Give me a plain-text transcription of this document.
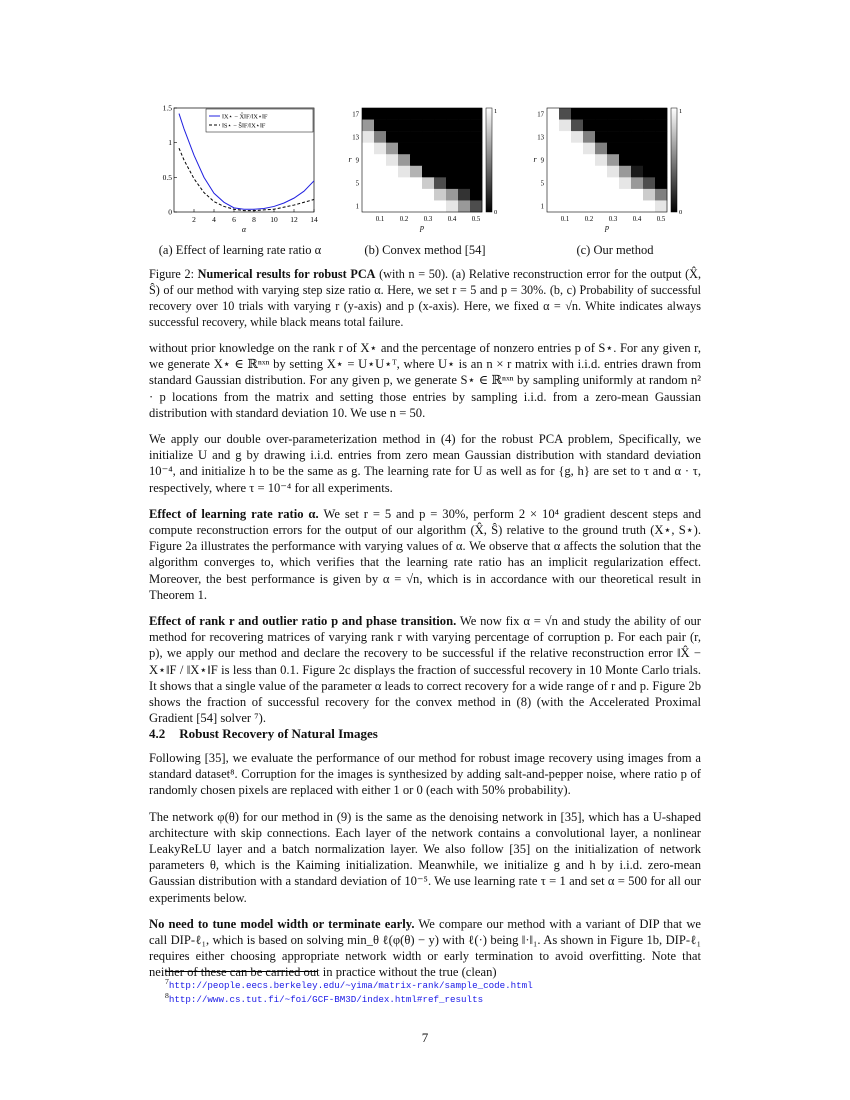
2 4 6 8 10 12 14
0
0.5
1
1.5
α
‖X⋆ − X̂‖F/‖X⋆‖F
‖S⋆ − Ŝ‖F/‖X⋆‖F
0.1 0.2 0.3 0.4 0.5
1
5
9
13
17
p
r
0
1
0.1 0.2 0.3 0.4 0.5
1
5
9
13
17
p
r
0
1
(a) Effect of learning rate ratio α	(b) Convex method [54]	(c) Our method
Figure 2: Numerical results for robust PCA (with n = 50). (a) Relative reconstruction error for the output (X̂, Ŝ) of our method with varying step size ratio α. Here, we set r = 5 and p = 30%. (b, c) Probability of successful recovery over 10 trials with varying r (y-axis) and p (x-axis). Here, we fixed α = √n. White indicates always successful recovery, while black means total failure.

without prior knowledge on the rank r of X⋆ and the percentage of nonzero entries p of S⋆. For any given r, we generate X⋆ ∈ ℝⁿˣⁿ by setting X⋆ = U⋆U⋆ᵀ, where U⋆ is an n × r matrix with i.i.d. entries drawn from standard Gaussian distribution. For any given p, we generate S⋆ ∈ ℝⁿˣⁿ by sampling uniformly at random n² · p locations from the matrix and setting those entries by sampling i.i.d. from a zero-mean Gaussian distribution with standard deviation 10. We use n = 50.

We apply our double over-parameterization method in (4) for the robust PCA problem, Specifically, we initialize U and g by drawing i.i.d. entries from zero mean Gaussian distribution with standard deviation 10⁻⁴, and initialize h to be the same as g. The learning rate for U as well as for {g, h} are set to τ and α · τ, respectively, where τ = 10⁻⁴ for all experiments.

Effect of learning rate ratio α. We set r = 5 and p = 30%, perform 2 × 10⁴ gradient descent steps and compute reconstruction errors for the output of our algorithm (X̂, Ŝ) relative to the ground truth (X⋆, S⋆). Figure 2a illustrates the performance with varying values of α. We observe that α affects the solution that the algorithm converges to, which verifies that the learning rate ratio has an implicit regularization effect. Moreover, the best performance is given by α = √n, which is in accordance with our theoretical result in Theorem 1.

Effect of rank r and outlier ratio p and phase transition. We now fix α = √n and study the ability of our method for recovering matrices of varying rank r with varying percentage of corruption p. For each pair (r, p), we apply our method and declare the recovery to be successful if the relative reconstruction error ‖X̂ − X⋆‖F / ‖X⋆‖F is less than 0.1. Figure 2c displays the fraction of successful recovery in 10 Monte Carlo trials. It shows that a single value of the parameter α leads to correct recovery for a wide range of r and p. Figure 2b shows the fraction of successful recovery for the convex method in (8) (with the Accelerated Proximal Gradient [54] solver ⁷).

4.2 Robust Recovery of Natural Images

Following [35], we evaluate the performance of our method for robust image recovery using images from a standard dataset⁸. Corruption for the images is synthesized by adding salt-and-pepper noise, where ratio p of randomly chosen pixels are replaced with either 1 or 0 (each with 50% probability).

The network φ(θ) for our method in (9) is the same as the denoising network in [35], which has a U-shaped architecture with skip connections. Each layer of the network contains a convolutional layer, a nonlinear LeakyReLU layer and a batch normalization layer. We also follow [35] on the initialization of network parameters θ, which is the Kaiming initialization. Meanwhile, we initialize g and h by i.i.d. zero-mean Gaussian distribution with a standard deviation of 10⁻⁵. We use learning rate τ = 1 and set α = 500 for all our experiments below.

No need to tune model width or terminate early. We compare our method with a variant of DIP that we call DIP-ℓ₁, which is based on solving min_θ ℓ(φ(θ) − y) with ℓ(·) being ‖·‖₁. As shown in Figure 1b, DIP-ℓ₁ requires either choosing appropriate network width or early termination to avoid overfitting. Note that neither of these can be carried out in practice without the true (clean)

$^7$http://people.eecs.berkeley.edu/~yima/matrix-rank/sample_code.html
$^8$http://www.cs.tut.fi/~foi/GCF-BM3D/index.html#ref_results
7
